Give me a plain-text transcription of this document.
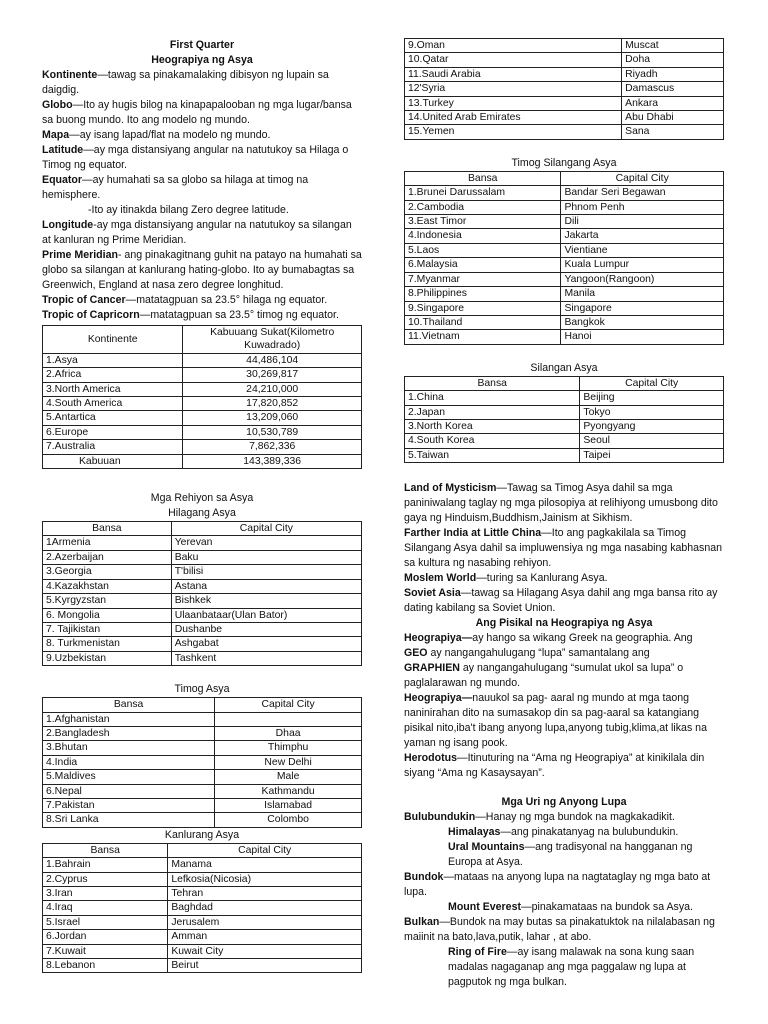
First Quarter

Heograpiya ng Asya

Kontinente—tawag sa pinakamalaking dibisyon ng lupain sa daigdig.

Globo—Ito ay hugis bilog na kinapapalooban ng mga lugar/bansa sa buong mundo. Ito ang modelo ng mundo.

Mapa—ay isang lapad/flat na modelo ng mundo.

Latitude—ay mga distansiyang angular na natutukoy sa Hilaga o Timog ng equator.

Equator—ay humahati sa sa globo sa hilaga at timog na hemisphere.

-Ito ay itinakda bilang Zero degree latitude.

Longitude-ay mga distansiyang angular na natutukoy sa silangan at kanluran ng Prime Meridian.

Prime Meridian- ang pinakagitnang guhit na patayo na humahati sa globo sa silangan at kanlurang hating-globo. Ito ay bumabagtas sa Greenwich, England at nasa zero degree longhitud.

Tropic of Cancer—matatagpuan sa 23.5° hilaga ng equator.

Tropic of Capricorn—matatagpuan sa 23.5° timog ng equator.

Kontinente	Kabuuang Sukat(Kilometro Kuwadrado)
1.Asya	44,486,104
2.Africa	30,269,817
3.North America	24,210,000
4.South America	17,820,852
5.Antartica	13,209,060
6.Europe	10,530,789
7.Australia	7,862,336
Kabuuan	143,389,336

Mga Rehiyon sa Asya

Hilagang Asya

Bansa	Capital City
1Armenia	Yerevan
2.Azerbaijan	Baku
3.Georgia	T'bilisi
4.Kazakhstan	Astana
5.Kyrgyzstan	Bishkek
6. Mongolia	Ulaanbataar(Ulan Bator)
7. Tajikistan	Dushanbe
8. Turkmenistan	Ashgabat
9.Uzbekistan	Tashkent

Timog Asya

Bansa	Capital City
1.Afghanistan	
2.Bangladesh	Dhaa
3.Bhutan	Thimphu
4.India	New Delhi
5.Maldives	Male
6.Nepal	Kathmandu
7.Pakistan	Islamabad
8.Sri Lanka	Colombo

Kanlurang Asya

Bansa	Capital City
1.Bahrain	Manama
2.Cyprus	Lefkosia(Nicosia)
3.Iran	Tehran
4.Iraq	Baghdad
5.Israel	Jerusalem
6.Jordan	Amman
7.Kuwait	Kuwait City
8.Lebanon	Beirut
9.Oman	Muscat
10.Qatar	Doha
11.Saudi Arabia	Riyadh
12'Syria	Damascus
13.Turkey	Ankara
14.United Arab Emirates	Abu Dhabi
15.Yemen	Sana

Timog Silangang Asya

Bansa	Capital City
1.Brunei Darussalam	Bandar Seri Begawan
2.Cambodia	Phnom Penh
3.East Timor	Dili
4.Indonesia	Jakarta
5.Laos	Vientiane
6.Malaysia	Kuala Lumpur
7.Myanmar	Yangoon(Rangoon)
8.Philippines	Manila
9.Singapore	Singapore
10.Thailand	Bangkok
11.Vietnam	Hanoi

Silangan Asya

Bansa	Capital City
1.China	Beijing
2.Japan	Tokyo
3.North Korea	Pyongyang
4.South Korea	Seoul
5.Taiwan	Taipei

Land of Mysticism—Tawag sa Timog Asya dahil sa mga paniniwalang taglay ng mga pilosopiya at relihiyong umusbong dito gaya ng Hinduism,Buddhism,Jainism at Sikhism.

Farther India at Little China—Ito ang pagkakilala sa Timog Silangang Asya dahil sa impluwensiya ng mga nasabing kabhasnan sa kultura ng nasabing rehiyon.

Moslem World—turing sa Kanlurang Asya.

Soviet Asia—tawag sa Hilagang Asya dahil ang mga bansa rito ay dating kabilang sa Soviet Union.

Ang Pisikal na Heograpiya ng Asya

Heograpiya—ay hango sa wikang Greek na geographia. Ang

GEO ay nangangahulugang “lupa” samantalang ang

GRAPHIEN ay nangangahulugang “sumulat ukol sa lupa” o paglalarawan ng mundo.

Heograpiya—nauukol sa pag- aaral ng mundo at mga taong naninirahan dito na sumasakop din sa pag-aaral sa katangiang pisikal nito,iba't ibang anyong lupa,anyong tubig,klima,at likas na yaman ng isang pook.

Herodotus—Itinuturing na “Ama ng Heograpiya” at kinikilala din siyang “Ama ng Kasaysayan”.

Mga Uri ng Anyong Lupa

Bulubundukin—Hanay ng mga bundok na magkakadikit.

Himalayas—ang pinakatanyag na bulubundukin.

Ural Mountains—ang tradisyonal na hangganan ng Europa at Asya.

Bundok—mataas na anyong lupa na nagtataglay ng mga bato at lupa.

Mount Everest—pinakamataas na bundok sa Asya.

Bulkan—Bundok na may butas sa pinakatuktok na nilalabasan ng maiinit na bato,lava,putik, lahar , at abo.

Ring of Fire—ay isang malawak na sona kung saan madalas nagaganap ang mga paggalaw ng lupa at pagputok ng mga bulkan.
